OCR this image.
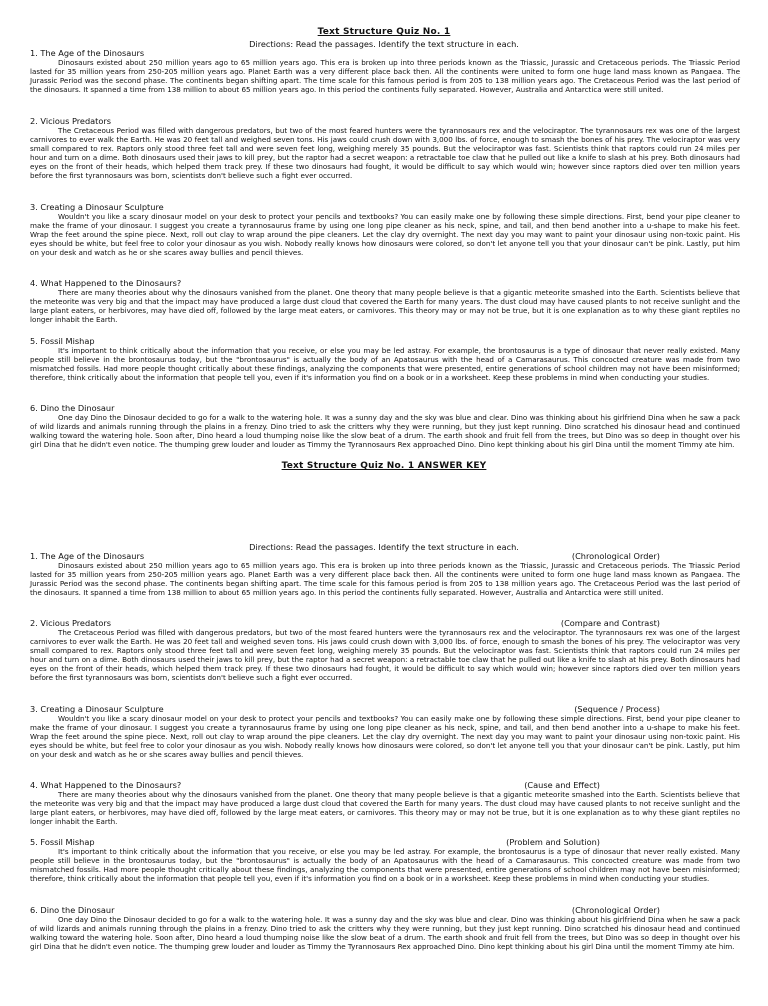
Text Structure Quiz No. 1
Directions: Read the passages. Identify the text structure in each.
1. The Age of the Dinosaurs
Dinosaurs existed about 250 million years ago to 65 million years ago. This era is broken up into three periods known as the Triassic, Jurassic and Cretaceous periods. The Triassic Period lasted for 35 million years from 250-205 million years ago. Planet Earth was a very different place back then. All the continents were united to form one huge land mass known as Pangaea. The Jurassic Period was the second phase. The continents began shifting apart. The time scale for this famous period is from 205 to 138 million years ago. The Cretaceous Period was the last period of the dinosaurs. It spanned a time from 138 million to about 65 million years ago. In this period the continents fully separated. However, Australia and Antarctica were still united.
2. Vicious Predators
The Cretaceous Period was filled with dangerous predators, but two of the most feared hunters were the tyrannosaurs rex and the velociraptor. The tyrannosaurs rex was one of the largest carnivores to ever walk the Earth. He was 20 feet tall and weighed seven tons. His jaws could crush down with 3,000 lbs. of force, enough to smash the bones of his prey. The velociraptor was very small compared to rex. Raptors only stood three feet tall and were seven feet long, weighing merely 35 pounds. But the velociraptor was fast. Scientists think that raptors could run 24 miles per hour and turn on a dime. Both dinosaurs used their jaws to kill prey, but the raptor had a secret weapon: a retractable toe claw that he pulled out like a knife to slash at his prey. Both dinosaurs had eyes on the front of their heads, which helped them track prey. If these two dinosaurs had fought, it would be difficult to say which would win; however since raptors died over ten million years before the first tyrannosaurs was born, scientists don't believe such a fight ever occurred.
3. Creating a Dinosaur Sculpture
Wouldn't you like a scary dinosaur model on your desk to protect your pencils and textbooks? You can easily make one by following these simple directions. First, bend your pipe cleaner to make the frame of your dinosaur. I suggest you create a tyrannosaurus frame by using one long pipe cleaner as his neck, spine, and tail, and then bend another into a u-shape to make his feet. Wrap the feet around the spine piece. Next, roll out clay to wrap around the pipe cleaners. Let the clay dry overnight. The next day you may want to paint your dinosaur using non-toxic paint. His eyes should be white, but feel free to color your dinosaur as you wish. Nobody really knows how dinosaurs were colored, so don't let anyone tell you that your dinosaur can't be pink. Lastly, put him on your desk and watch as he or she scares away bullies and pencil thieves.
4. What Happened to the Dinosaurs?
There are many theories about why the dinosaurs vanished from the planet. One theory that many people believe is that a gigantic meteorite smashed into the Earth. Scientists believe that the meteorite was very big and that the impact may have produced a large dust cloud that covered the Earth for many years. The dust cloud may have caused plants to not receive sunlight and the large plant eaters, or herbivores, may have died off, followed by the large meat eaters, or carnivores. This theory may or may not be true, but it is one explanation as to why these giant reptiles no longer inhabit the Earth.
5. Fossil Mishap
It's important to think critically about the information that you receive, or else you may be led astray. For example, the brontosaurus is a type of dinosaur that never really existed. Many people still believe in the brontosaurus today, but the "brontosaurus" is actually the body of an Apatosaurus with the head of a Camarasaurus. This concocted creature was made from two mismatched fossils. Had more people thought critically about these findings, analyzing the components that were presented, entire generations of school children may not have been misinformed; therefore, think critically about the information that people tell you, even if it's information you find on a book or in a worksheet. Keep these problems in mind when conducting your studies.
6. Dino the Dinosaur
One day Dino the Dinosaur decided to go for a walk to the watering hole. It was a sunny day and the sky was blue and clear. Dino was thinking about his girlfriend Dina when he saw a pack of wild lizards and animals running through the plains in a frenzy. Dino tried to ask the critters why they were running, but they just kept running. Dino scratched his dinosaur head and continued walking toward the watering hole. Soon after, Dino heard a loud thumping noise like the slow beat of a drum. The earth shook and fruit fell from the trees, but Dino was so deep in thought over his girl Dina that he didn't even notice. The thumping grew louder and louder as Timmy the Tyrannosaurs Rex approached Dino. Dino kept thinking about his girl Dina until the moment Timmy ate him.
Text Structure Quiz No. 1 ANSWER KEY
Directions: Read the passages. Identify the text structure in each.
1. The Age of the Dinosaurs	(Chronological Order)
Dinosaurs existed about 250 million years ago to 65 million years ago. This era is broken up into three periods known as the Triassic, Jurassic and Cretaceous periods. The Triassic Period lasted for 35 million years from 250-205 million years ago. Planet Earth was a very different place back then. All the continents were united to form one huge land mass known as Pangaea. The Jurassic Period was the second phase. The continents began shifting apart. The time scale for this famous period is from 205 to 138 million years ago. The Cretaceous Period was the last period of the dinosaurs. It spanned a time from 138 million to about 65 million years ago. In this period the continents fully separated. However, Australia and Antarctica were still united.
2. Vicious Predators	(Compare and Contrast)
The Cretaceous Period was filled with dangerous predators, but two of the most feared hunters were the tyrannosaurs rex and the velociraptor. The tyrannosaurs rex was one of the largest carnivores to ever walk the Earth. He was 20 feet tall and weighed seven tons. His jaws could crush down with 3,000 lbs. of force, enough to smash the bones of his prey. The velociraptor was very small compared to rex. Raptors only stood three feet tall and were seven feet long, weighing merely 35 pounds. But the velociraptor was fast. Scientists think that raptors could run 24 miles per hour and turn on a dime. Both dinosaurs used their jaws to kill prey, but the raptor had a secret weapon: a retractable toe claw that he pulled out like a knife to slash at his prey. Both dinosaurs had eyes on the front of their heads, which helped them track prey. If these two dinosaurs had fought, it would be difficult to say which would win; however since raptors died over ten million years before the first tyrannosaurs was born, scientists don't believe such a fight ever occurred.
3. Creating a Dinosaur Sculpture	(Sequence / Process)
Wouldn't you like a scary dinosaur model on your desk to protect your pencils and textbooks? You can easily make one by following these simple directions. First, bend your pipe cleaner to make the frame of your dinosaur. I suggest you create a tyrannosaurus frame by using one long pipe cleaner as his neck, spine, and tail, and then bend another into a u-shape to make his feet. Wrap the feet around the spine piece. Next, roll out clay to wrap around the pipe cleaners. Let the clay dry overnight. The next day you may want to paint your dinosaur using non-toxic paint. His eyes should be white, but feel free to color your dinosaur as you wish. Nobody really knows how dinosaurs were colored, so don't let anyone tell you that your dinosaur can't be pink. Lastly, put him on your desk and watch as he or she scares away bullies and pencil thieves.
4. What Happened to the Dinosaurs?	(Cause and Effect)
There are many theories about why the dinosaurs vanished from the planet. One theory that many people believe is that a gigantic meteorite smashed into the Earth. Scientists believe that the meteorite was very big and that the impact may have produced a large dust cloud that covered the Earth for many years. The dust cloud may have caused plants to not receive sunlight and the large plant eaters, or herbivores, may have died off, followed by the large meat eaters, or carnivores. This theory may or may not be true, but it is one explanation as to why these giant reptiles no longer inhabit the Earth.
5. Fossil Mishap	(Problem and Solution)
It's important to think critically about the information that you receive, or else you may be led astray. For example, the brontosaurus is a type of dinosaur that never really existed. Many people still believe in the brontosaurus today, but the "brontosaurus" is actually the body of an Apatosaurus with the head of a Camarasaurus. This concocted creature was made from two mismatched fossils. Had more people thought critically about these findings, analyzing the components that were presented, entire generations of school children may not have been misinformed; therefore, think critically about the information that people tell you, even if it's information you find on a book or in a worksheet. Keep these problems in mind when conducting your studies.
6. Dino the Dinosaur	(Chronological Order)
One day Dino the Dinosaur decided to go for a walk to the watering hole. It was a sunny day and the sky was blue and clear. Dino was thinking about his girlfriend Dina when he saw a pack of wild lizards and animals running through the plains in a frenzy. Dino tried to ask the critters why they were running, but they just kept running. Dino scratched his dinosaur head and continued walking toward the watering hole. Soon after, Dino heard a loud thumping noise like the slow beat of a drum. The earth shook and fruit fell from the trees, but Dino was so deep in thought over his girl Dina that he didn't even notice. The thumping grew louder and louder as Timmy the Tyrannosaurs Rex approached Dino. Dino kept thinking about his girl Dina until the moment Timmy ate him.
